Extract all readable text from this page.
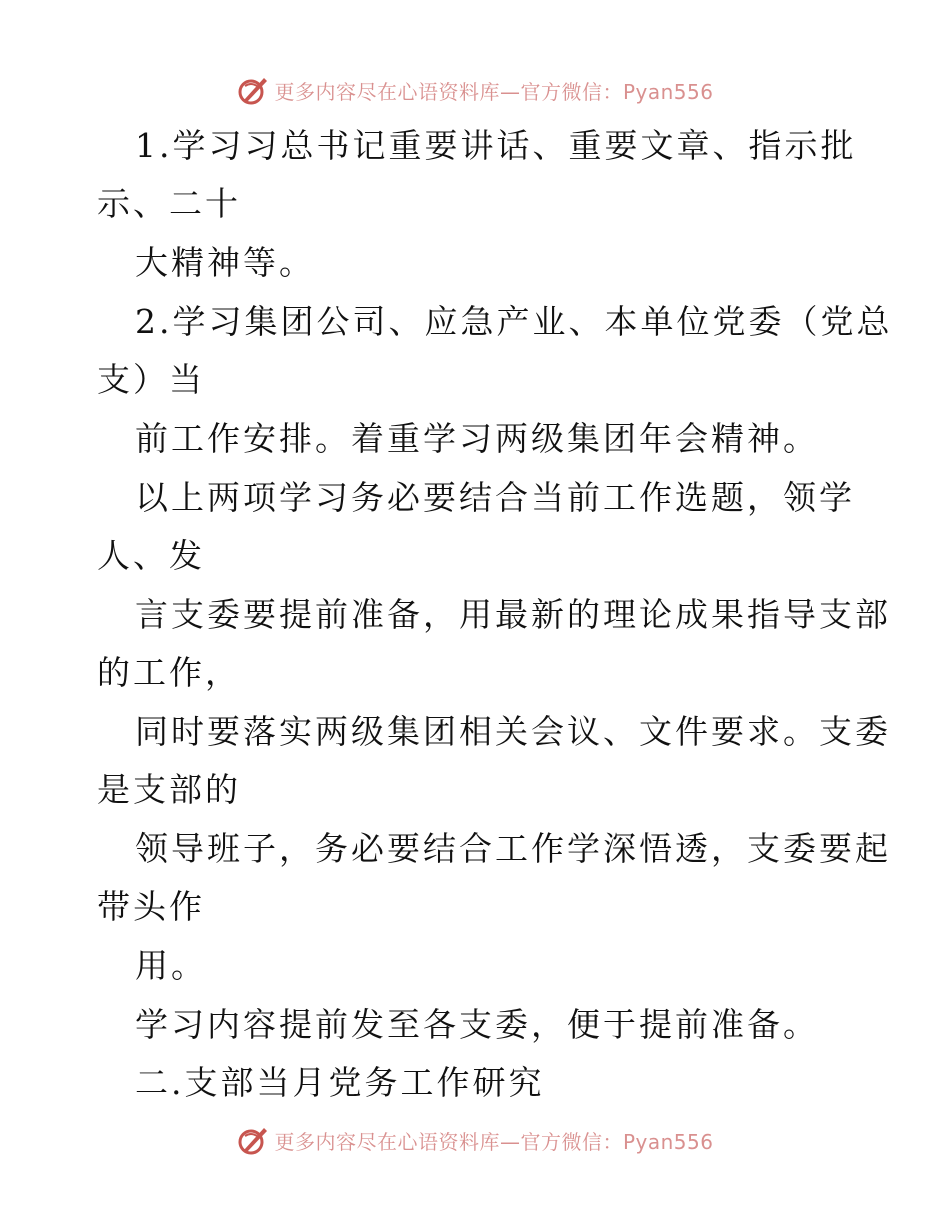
更多内容尽在心语资料库—官方微信：Pyan556
1.学习习总书记重要讲话、重要文章、指示批
示、二十
大精神等。
2.学习集团公司、应急产业、本单位党委（党总
支）当
前工作安排。着重学习两级集团年会精神。
以上两项学习务必要结合当前工作选题，领学
人、发
言支委要提前准备，用最新的理论成果指导支部
的工作，
同时要落实两级集团相关会议、文件要求。支委
是支部的
领导班子，务必要结合工作学深悟透，支委要起
带头作
用。
学习内容提前发至各支委，便于提前准备。
二.支部当月党务工作研究
更多内容尽在心语资料库—官方微信：Pyan556
